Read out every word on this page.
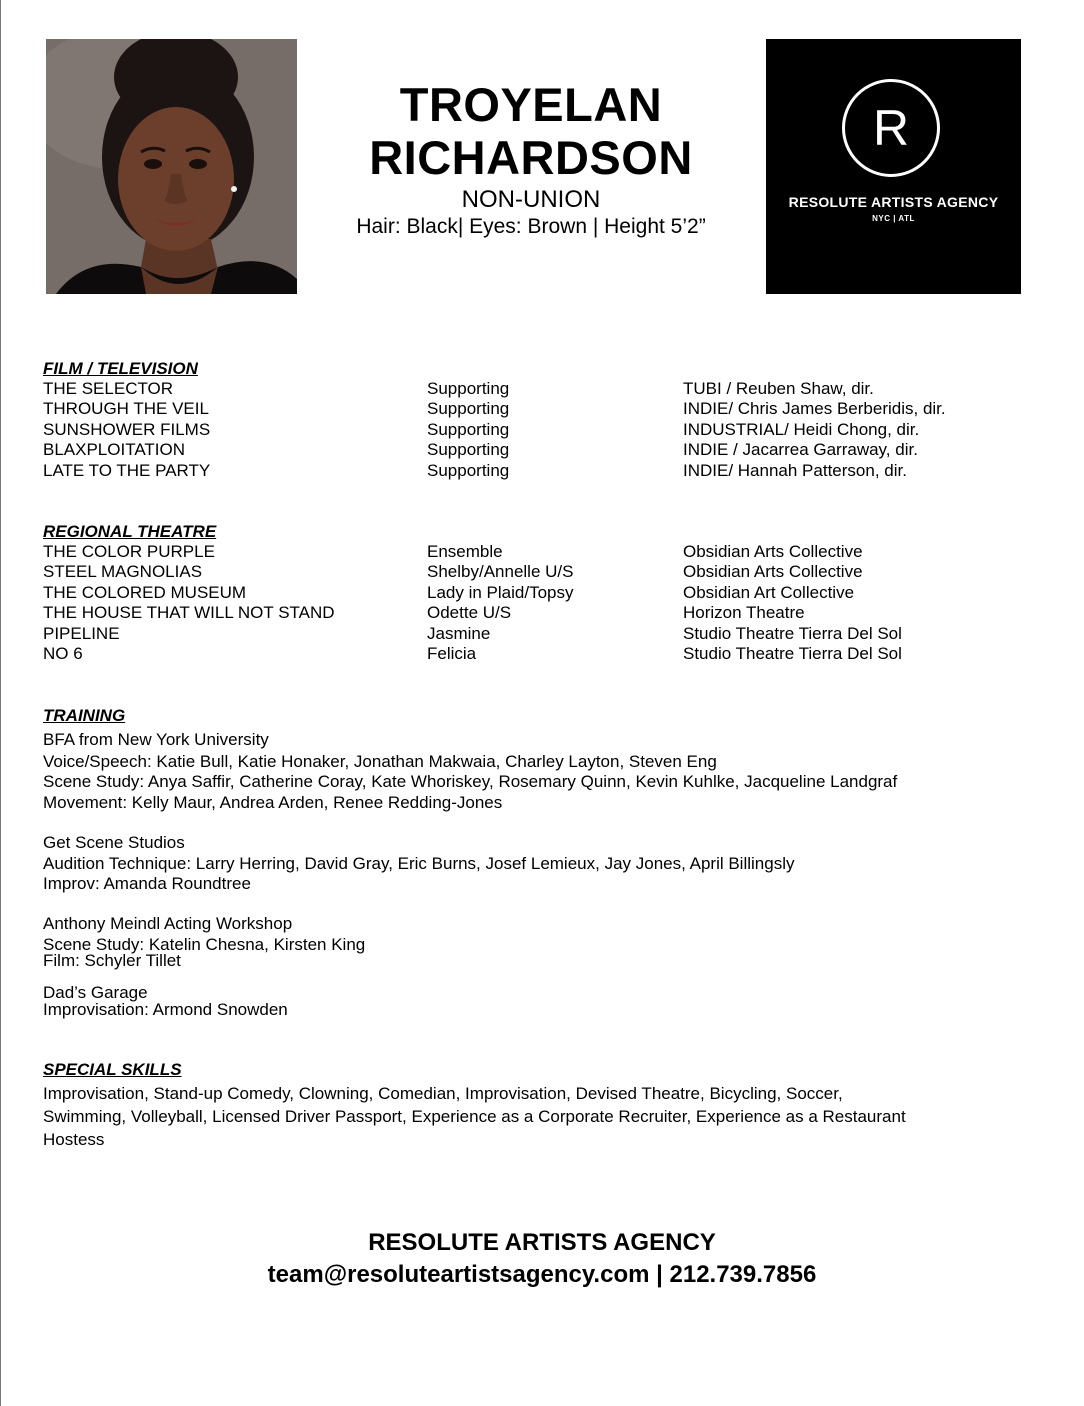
TROYELAN
RICHARDSON
NON-UNION
Hair: Black| Eyes: Brown | Height 5’2”
R
RESOLUTE ARTISTS AGENCY
NYC | ATL
FILM / TELEVISION
THE SELECTOR	Supporting	TUBI / Reuben Shaw, dir.
THROUGH THE VEIL	Supporting	INDIE/ Chris James Berberidis, dir.
SUNSHOWER FILMS	Supporting	INDUSTRIAL/ Heidi Chong, dir.
BLAXPLOITATION	Supporting	INDIE / Jacarrea Garraway, dir.
LATE TO THE PARTY	Supporting	INDIE/ Hannah Patterson, dir.
REGIONAL THEATRE
THE COLOR PURPLE	Ensemble	Obsidian Arts Collective
STEEL MAGNOLIAS	Shelby/Annelle U/S	Obsidian Arts Collective
THE COLORED MUSEUM	Lady in Plaid/Topsy	Obsidian Art Collective
THE HOUSE THAT WILL NOT STAND	Odette U/S	Horizon Theatre
PIPELINE	Jasmine	Studio Theatre Tierra Del Sol
NO 6	Felicia	Studio Theatre Tierra Del Sol
TRAINING
BFA from New York University
Voice/Speech: Katie Bull, Katie Honaker, Jonathan Makwaia, Charley Layton, Steven Eng
Scene Study: Anya Saffir, Catherine Coray, Kate Whoriskey, Rosemary Quinn, Kevin Kuhlke, Jacqueline Landgraf
Movement: Kelly Maur, Andrea Arden, Renee Redding-Jones
Get Scene Studios
Audition Technique: Larry Herring, David Gray, Eric Burns, Josef Lemieux, Jay Jones, April Billingsly
Improv: Amanda Roundtree
Anthony Meindl Acting Workshop
Scene Study: Katelin Chesna, Kirsten King
Film: Schyler Tillet
Dad’s Garage
Improvisation: Armond Snowden
SPECIAL SKILLS
Improvisation, Stand-up Comedy, Clowning, Comedian, Improvisation, Devised Theatre, Bicycling, Soccer, Swimming, Volleyball, Licensed Driver Passport, Experience as a Corporate Recruiter, Experience as a Restaurant Hostess
RESOLUTE ARTISTS AGENCY
team@resoluteartistsagency.com | 212.739.7856
